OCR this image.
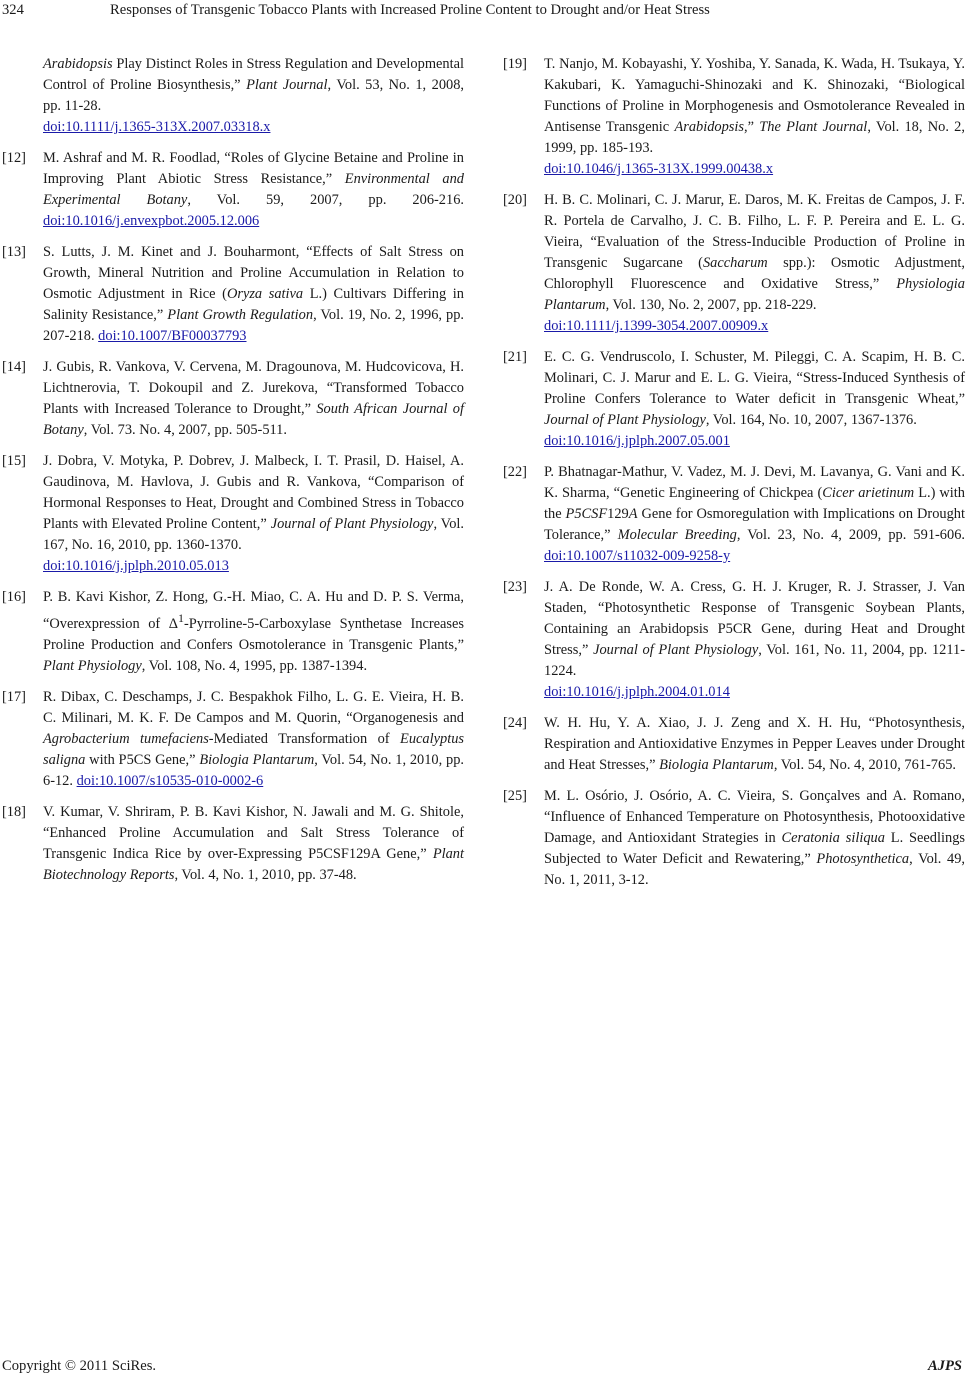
324	Responses of Transgenic Tobacco Plants with Increased Proline Content to Drought and/or Heat Stress
Arabidopsis Play Distinct Roles in Stress Regulation and Developmental Control of Proline Biosynthesis,” Plant Journal, Vol. 53, No. 1, 2008, pp. 11-28.
doi:10.1111/j.1365-313X.2007.03318.x
[12] M. Ashraf and M. R. Foodlad, “Roles of Glycine Betaine and Proline in Improving Plant Abiotic Stress Resistance,” Environmental and Experimental Botany, Vol. 59, 2007, pp. 206-216. doi:10.1016/j.envexpbot.2005.12.006
[13] S. Lutts, J. M. Kinet and J. Bouharmont, “Effects of Salt Stress on Growth, Mineral Nutrition and Proline Accumulation in Relation to Osmotic Adjustment in Rice (Oryza sativa L.) Cultivars Differing in Salinity Resistance,” Plant Growth Regulation, Vol. 19, No. 2, 1996, pp. 207-218. doi:10.1007/BF00037793
[14] J. Gubis, R. Vankova, V. Cervena, M. Dragounova, M. Hudcovicova, H. Lichtnerovia, T. Dokoupil and Z. Jurekova, “Transformed Tobacco Plants with Increased Tolerance to Drought,” South African Journal of Botany, Vol. 73. No. 4, 2007, pp. 505-511.
[15] J. Dobra, V. Motyka, P. Dobrev, J. Malbeck, I. T. Prasil, D. Haisel, A. Gaudinova, M. Havlova, J. Gubis and R. Vankova, “Comparison of Hormonal Responses to Heat, Drought and Combined Stress in Tobacco Plants with Elevated Proline Content,” Journal of Plant Physiology, Vol. 167, No. 16, 2010, pp. 1360-1370.
doi:10.1016/j.jplph.2010.05.013
[16] P. B. Kavi Kishor, Z. Hong, G.-H. Miao, C. A. Hu and D. P. S. Verma, “Overexpression of $\Delta^1-Pyrroline-5$-Carboxylase Synthetase Increases Proline Production and Confers Osmotolerance in Transgenic Plants,” Plant Physiology, Vol. 108, No. 4, 1995, pp. 1387-1394.
[17] R. Dibax, C. Deschamps, J. C. Bespakhok Filho, L. G. E. Vieira, H. B. C. Milinari, M. K. F. De Campos and M. Quorin, “Organogenesis and Agrobacterium tumefaciens-Mediated Transformation of Eucalyptus saligna with P5CS Gene,” Biologia Plantarum, Vol. 54, No. 1, 2010, pp. 6-12. doi:10.1007/s10535-010-0002-6
[18] V. Kumar, V. Shriram, P. B. Kavi Kishor, N. Jawali and M. G. Shitole, “Enhanced Proline Accumulation and Salt Stress Tolerance of Transgenic Indica Rice by over-Expressing P5CSF129A Gene,” Plant Biotechnology Reports, Vol. 4, No. 1, 2010, pp. 37-48.
[19] T. Nanjo, M. Kobayashi, Y. Yoshiba, Y. Sanada, K. Wada, H. Tsukaya, Y. Kakubari, K. Yamaguchi-Shinozaki and K. Shinozaki, “Biological Functions of Proline in Morphogenesis and Osmotolerance Revealed in Antisense Transgenic Arabidopsis,” The Plant Journal, Vol. 18, No. 2, 1999, pp. 185-193.
doi:10.1046/j.1365-313X.1999.00438.x
[20] H. B. C. Molinari, C. J. Marur, E. Daros, M. K. Freitas de Campos, J. F. R. Portela de Carvalho, J. C. B. Filho, L. F. P. Pereira and E. L. G. Vieira, “Evaluation of the Stress-Inducible Production of Proline in Transgenic Sugarcane (Saccharum spp.): Osmotic Adjustment, Chlorophyll Fluorescence and Oxidative Stress,” Physiologia Plantarum, Vol. 130, No. 2, 2007, pp. 218-229.
doi:10.1111/j.1399-3054.2007.00909.x
[21] E. C. G. Vendruscolo, I. Schuster, M. Pileggi, C. A. Scapim, H. B. C. Molinari, C. J. Marur and E. L. G. Vieira, “Stress-Induced Synthesis of Proline Confers Tolerance to Water deficit in Transgenic Wheat,” Journal of Plant Physiology, Vol. 164, No. 10, 2007, 1367-1376.
doi:10.1016/j.jplph.2007.05.001
[22] P. Bhatnagar-Mathur, V. Vadez, M. J. Devi, M. Lavanya, G. Vani and K. K. Sharma, “Genetic Engineering of Chickpea (Cicer arietinum L.) with the P5CSF129A Gene for Osmoregulation with Implications on Drought Tolerance,” Molecular Breeding, Vol. 23, No. 4, 2009, pp. 591-606. doi:10.1007/s11032-009-9258-y
[23] J. A. De Ronde, W. A. Cress, G. H. J. Kruger, R. J. Strasser, J. Van Staden, “Photosynthetic Response of Transgenic Soybean Plants, Containing an Arabidopsis P5CR Gene, during Heat and Drought Stress,” Journal of Plant Physiology, Vol. 161, No. 11, 2004, pp. 1211-1224.
doi:10.1016/j.jplph.2004.01.014
[24] W. H. Hu, Y. A. Xiao, J. J. Zeng and X. H. Hu, “Photosynthesis, Respiration and Antioxidative Enzymes in Pepper Leaves under Drought and Heat Stresses,” Biologia Plantarum, Vol. 54, No. 4, 2010, 761-765.
[25] M. L. Osório, J. Osório, A. C. Vieira, S. Gonçalves and A. Romano, “Influence of Enhanced Temperature on Photosynthesis, Photooxidative Damage, and Antioxidant Strategies in Ceratonia siliqua L. Seedlings Subjected to Water Deficit and Rewatering,” Photosynthetica, Vol. 49, No. 1, 2011, 3-12.
Copyright © 2011 SciRes.	AJPS
